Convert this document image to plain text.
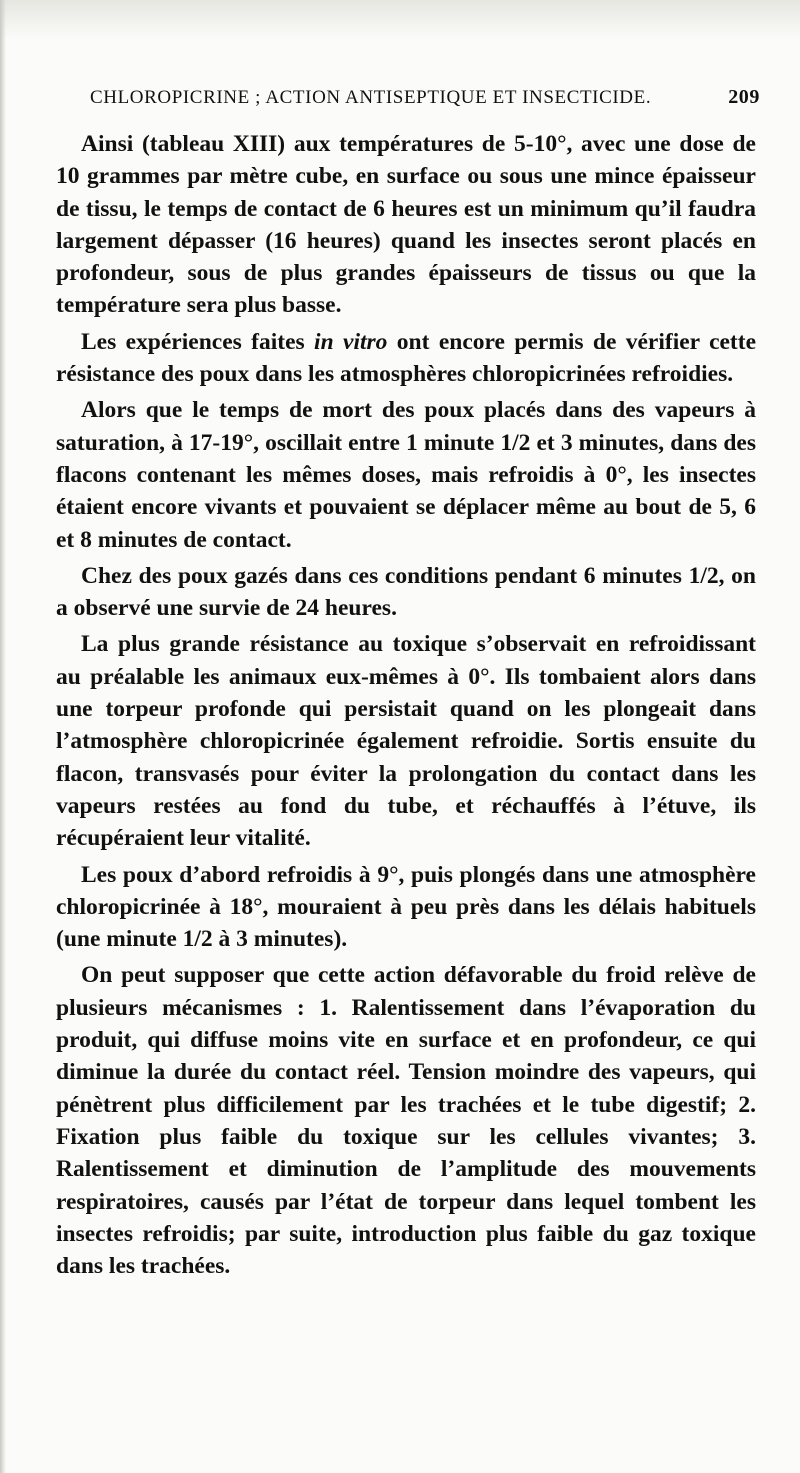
CHLOROPICRINE ; ACTION ANTISEPTIQUE ET INSECTICIDE.	209

Ainsi (tableau XIII) aux températures de 5-10°, avec une dose de 10 grammes par mètre cube, en surface ou sous une mince épaisseur de tissu, le temps de contact de 6 heures est un minimum qu’il faudra largement dépasser (16 heures) quand les insectes seront placés en profondeur, sous de plus grandes épaisseurs de tissus ou que la température sera plus basse.

Les expériences faites in vitro ont encore permis de vérifier cette résistance des poux dans les atmosphères chloropicrinées refroidies.

Alors que le temps de mort des poux placés dans des vapeurs à saturation, à 17-19°, oscillait entre 1 minute 1/2 et 3 minutes, dans des flacons contenant les mêmes doses, mais refroidis à 0°, les insectes étaient encore vivants et pouvaient se déplacer même au bout de 5, 6 et 8 minutes de contact.

Chez des poux gazés dans ces conditions pendant 6 minutes 1/2, on a observé une survie de 24 heures.

La plus grande résistance au toxique s’observait en refroidissant au préalable les animaux eux-mêmes à 0°. Ils tombaient alors dans une torpeur profonde qui persistait quand on les plongeait dans l’atmosphère chloropicrinée également refroidie. Sortis ensuite du flacon, transvasés pour éviter la prolongation du contact dans les vapeurs restées au fond du tube, et réchauffés à l’étuve, ils récupéraient leur vitalité.

Les poux d’abord refroidis à 9°, puis plongés dans une atmosphère chloropicrinée à 18°, mouraient à peu près dans les délais habituels (une minute 1/2 à 3 minutes).

On peut supposer que cette action défavorable du froid relève de plusieurs mécanismes : 1. Ralentissement dans l’évaporation du produit, qui diffuse moins vite en surface et en profondeur, ce qui diminue la durée du contact réel. Tension moindre des vapeurs, qui pénètrent plus difficilement par les trachées et le tube digestif; 2. Fixation plus faible du toxique sur les cellules vivantes; 3. Ralentissement et diminution de l’amplitude des mouvements respiratoires, causés par l’état de torpeur dans lequel tombent les insectes refroidis; par suite, introduction plus faible du gaz toxique dans les trachées.
